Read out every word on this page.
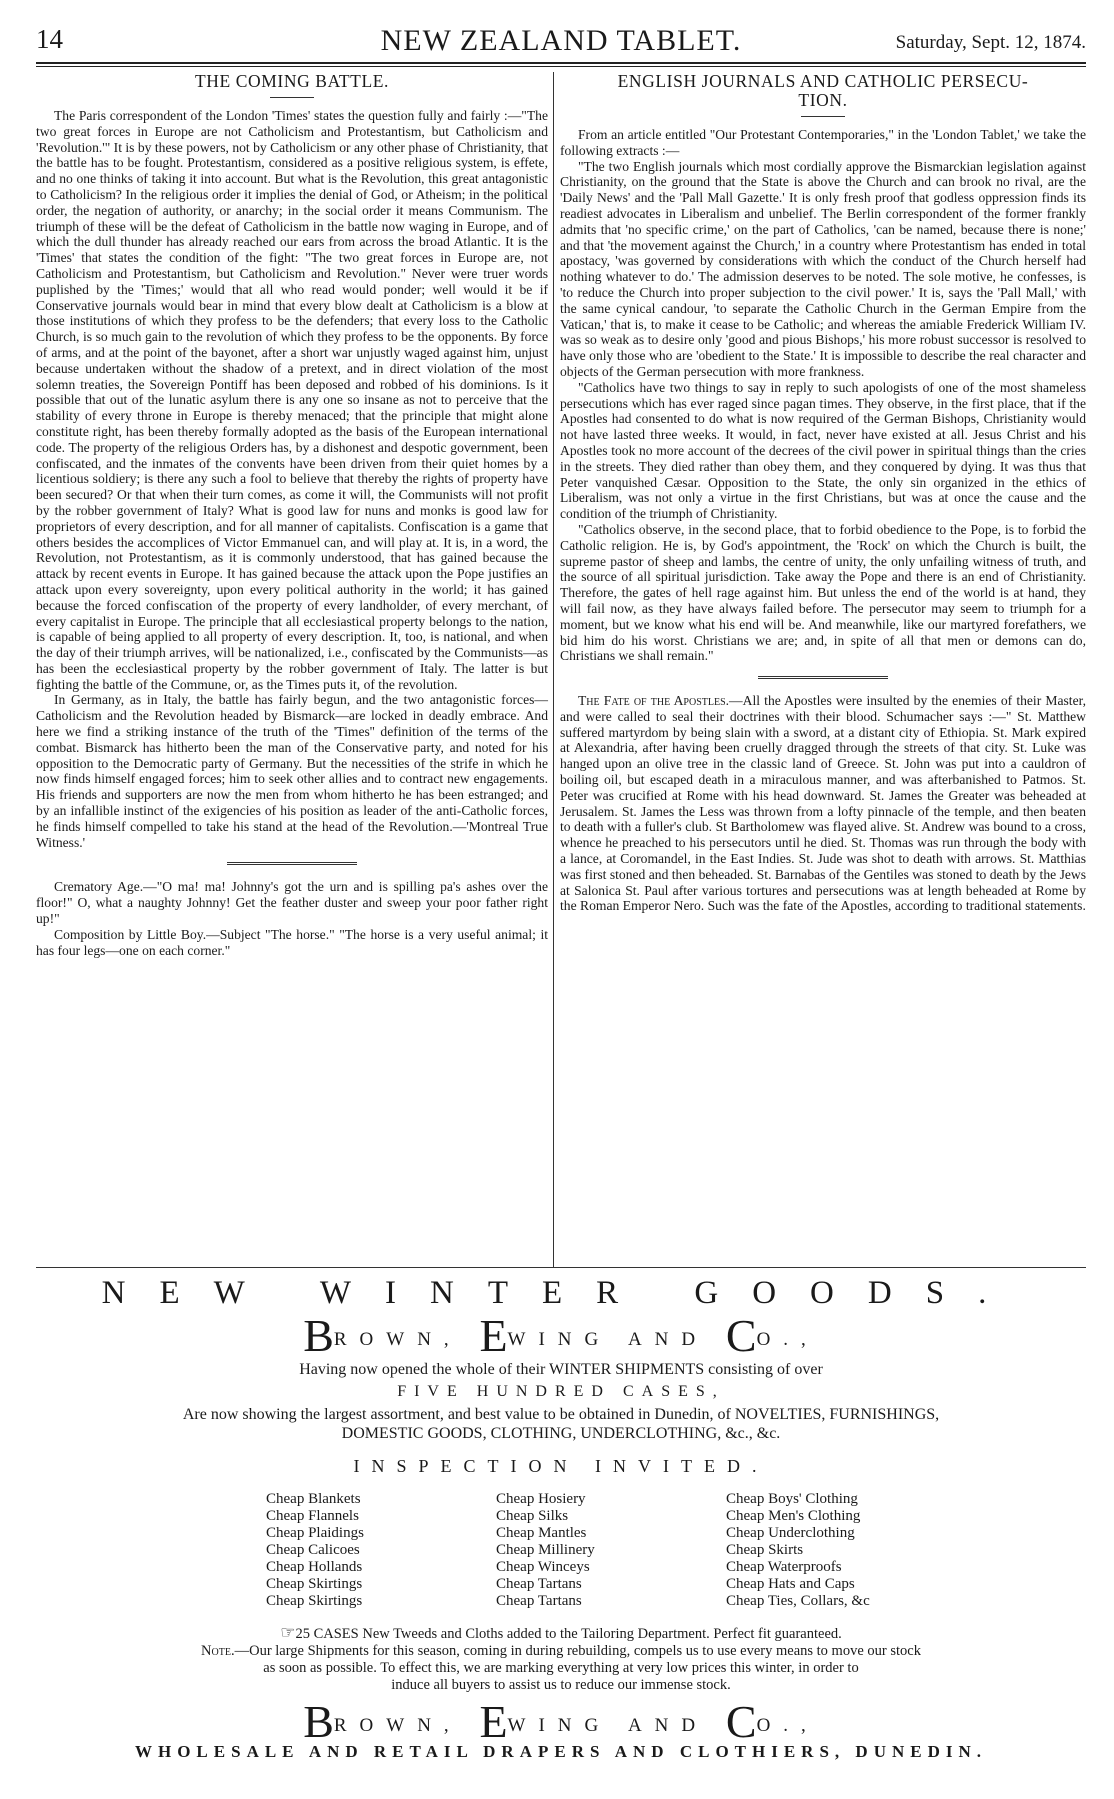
14	NEW ZEALAND TABLET.	Saturday, Sept. 12, 1874.
THE COMING BATTLE.

The Paris correspondent of the London 'Times' states the question fully and fairly :—"The two great forces in Europe are not Catholicism and Protestantism, but Catholicism and 'Revolution.'" It is by these powers, not by Catholicism or any other phase of Christianity, that the battle has to be fought. Protestantism, considered as a positive religious system, is effete, and no one thinks of taking it into account. But what is the Revolution, this great antagonistic to Catholicism? In the religious order it implies the denial of God, or Atheism; in the political order, the negation of authority, or anarchy; in the social order it means Communism. The triumph of these will be the defeat of Catholicism in the battle now waging in Europe, and of which the dull thunder has already reached our ears from across the broad Atlantic. It is the 'Times' that states the condition of the fight: "The two great forces in Europe are, not Catholicism and Protestantism, but Catholicism and Revolution." Never were truer words puplished by the 'Times;' would that all who read would ponder; well would it be if Conservative journals would bear in mind that every blow dealt at Catholicism is a blow at those institutions of which they profess to be the defenders; that every loss to the Catholic Church, is so much gain to the revolution of which they profess to be the opponents. By force of arms, and at the point of the bayonet, after a short war unjustly waged against him, unjust because undertaken without the shadow of a pretext, and in direct violation of the most solemn treaties, the Sovereign Pontiff has been deposed and robbed of his dominions. Is it possible that out of the lunatic asylum there is any one so insane as not to perceive that the stability of every throne in Europe is thereby menaced; that the principle that might alone constitute right, has been thereby formally adopted as the basis of the European international code. The property of the religious Orders has, by a dishonest and despotic government, been confiscated, and the inmates of the convents have been driven from their quiet homes by a licentious soldiery; is there any such a fool to believe that thereby the rights of property have been secured? Or that when their turn comes, as come it will, the Communists will not profit by the robber government of Italy? What is good law for nuns and monks is good law for proprietors of every description, and for all manner of capitalists. Confiscation is a game that others besides the accomplices of Victor Emmanuel can, and will play at. It is, in a word, the Revolution, not Protestantism, as it is commonly understood, that has gained because the attack by recent events in Europe. It has gained because the attack upon the Pope justifies an attack upon every sovereignty, upon every political authority in the world; it has gained because the forced confiscation of the property of every landholder, of every merchant, of every capitalist in Europe. The principle that all ecclesiastical property belongs to the nation, is capable of being applied to all property of every description. It, too, is national, and when the day of their triumph arrives, will be nationalized, i.e., confiscated by the Communists—as has been the ecclesiastical property by the robber government of Italy. The latter is but fighting the battle of the Commune, or, as the Times puts it, of the revolution.

In Germany, as in Italy, the battle has fairly begun, and the two antagonistic forces—Catholicism and the Revolution headed by Bismarck—are locked in deadly embrace. And here we find a striking instance of the truth of the 'Times'' definition of the terms of the combat. Bismarck has hitherto been the man of the Conservative party, and noted for his opposition to the Democratic party of Germany. But the necessities of the strife in which he now finds himself engaged forces; him to seek other allies and to contract new engagements. His friends and supporters are now the men from whom hitherto he has been estranged; and by an infallible instinct of the exigencies of his position as leader of the anti-Catholic forces, he finds himself compelled to take his stand at the head of the Revolution.—'Montreal True Witness.'

Crematory Age.—"O ma! ma! Johnny's got the urn and is spilling pa's ashes over the floor!" O, what a naughty Johnny! Get the feather duster and sweep your poor father right up!"

Composition by Little Boy.—Subject "The horse." "The horse is a very useful animal; it has four legs—one on each corner."

ENGLISH JOURNALS AND CATHOLIC PERSECU-
TION.

From an article entitled "Our Protestant Contemporaries," in the 'London Tablet,' we take the following extracts :—

"The two English journals which most cordially approve the Bismarckian legislation against Christianity, on the ground that the State is above the Church and can brook no rival, are the 'Daily News' and the 'Pall Mall Gazette.' It is only fresh proof that godless oppression finds its readiest advocates in Liberalism and unbelief. The Berlin correspondent of the former frankly admits that 'no specific crime,' on the part of Catholics, 'can be named, because there is none;' and that 'the movement against the Church,' in a country where Protestantism has ended in total apostacy, 'was governed by considerations with which the conduct of the Church herself had nothing whatever to do.' The admission deserves to be noted. The sole motive, he confesses, is 'to reduce the Church into proper subjection to the civil power.' It is, says the 'Pall Mall,' with the same cynical candour, 'to separate the Catholic Church in the German Empire from the Vatican,' that is, to make it cease to be Catholic; and whereas the amiable Frederick William IV. was so weak as to desire only 'good and pious Bishops,' his more robust successor is resolved to have only those who are 'obedient to the State.' It is impossible to describe the real character and objects of the German persecution with more frankness.

"Catholics have two things to say in reply to such apologists of one of the most shameless persecutions which has ever raged since pagan times. They observe, in the first place, that if the Apostles had consented to do what is now required of the German Bishops, Christianity would not have lasted three weeks. It would, in fact, never have existed at all. Jesus Christ and his Apostles took no more account of the decrees of the civil power in spiritual things than the cries in the streets. They died rather than obey them, and they conquered by dying. It was thus that Peter vanquished Cæsar. Opposition to the State, the only sin organized in the ethics of Liberalism, was not only a virtue in the first Christians, but was at once the cause and the condition of the triumph of Christianity.

"Catholics observe, in the second place, that to forbid obedience to the Pope, is to forbid the Catholic religion. He is, by God's appointment, the 'Rock' on which the Church is built, the supreme pastor of sheep and lambs, the centre of unity, the only unfailing witness of truth, and the source of all spiritual jurisdiction. Take away the Pope and there is an end of Christianity. Therefore, the gates of hell rage against him. But unless the end of the world is at hand, they will fail now, as they have always failed before. The persecutor may seem to triumph for a moment, but we know what his end will be. And meanwhile, like our martyred forefathers, we bid him do his worst. Christians we are; and, in spite of all that men or demons can do, Christians we shall remain."

The Fate of the Apostles.—All the Apostles were insulted by the enemies of their Master, and were called to seal their doctrines with their blood. Schumacher says :—" St. Matthew suffered martyrdom by being slain with a sword, at a distant city of Ethiopia. St. Mark expired at Alexandria, after having been cruelly dragged through the streets of that city. St. Luke was hanged upon an olive tree in the classic land of Greece. St. John was put into a cauldron of boiling oil, but escaped death in a miraculous manner, and was afterbanished to Patmos. St. Peter was crucified at Rome with his head downward. St. James the Greater was beheaded at Jerusalem. St. James the Less was thrown from a lofty pinnacle of the temple, and then beaten to death with a fuller's club. St Bartholomew was flayed alive. St. Andrew was bound to a cross, whence he preached to his persecutors until he died. St. Thomas was run through the body with a lance, at Coromandel, in the East Indies. St. Jude was shot to death with arrows. St. Matthias was first stoned and then beheaded. St. Barnabas of the Gentiles was stoned to death by the Jews at Salonica St. Paul after various tortures and persecutions was at length beheaded at Rome by the Roman Emperor Nero. Such was the fate of the Apostles, according to traditional statements.

NEW WINTER GOODS.
BROWN, EWING AND CO.,
Having now opened the whole of their WINTER SHIPMENTS consisting of over
FIVE HUNDRED CASES,
Are now showing the largest assortment, and best value to be obtained in Dunedin, of NOVELTIES, FURNISHINGS,
DOMESTIC GOODS, CLOTHING, UNDERCLOTHING, &c., &c.
INSPECTION INVITED.
Cheap Blankets
Cheap Flannels
Cheap Plaidings
Cheap Calicoes
Cheap Hollands
Cheap Skirtings
Cheap Skirtings
Cheap Hosiery
Cheap Silks
Cheap Mantles
Cheap Millinery
Cheap Winceys
Cheap Tartans
Cheap Tartans
Cheap Boys' Clothing
Cheap Men's Clothing
Cheap Underclothing
Cheap Skirts
Cheap Waterproofs
Cheap Hats and Caps
Cheap Ties, Collars, &c
☞25 CASES New Tweeds and Cloths added to the Tailoring Department. Perfect fit guaranteed.
Note.—Our large Shipments for this season, coming in during rebuilding, compels us to use every means to move our stock
as soon as possible. To effect this, we are marking everything at very low prices this winter, in order to
induce all buyers to assist us to reduce our immense stock.
BROWN, EWING AND CO.,
WHOLESALE AND RETAIL DRAPERS AND CLOTHIERS, DUNEDIN.
